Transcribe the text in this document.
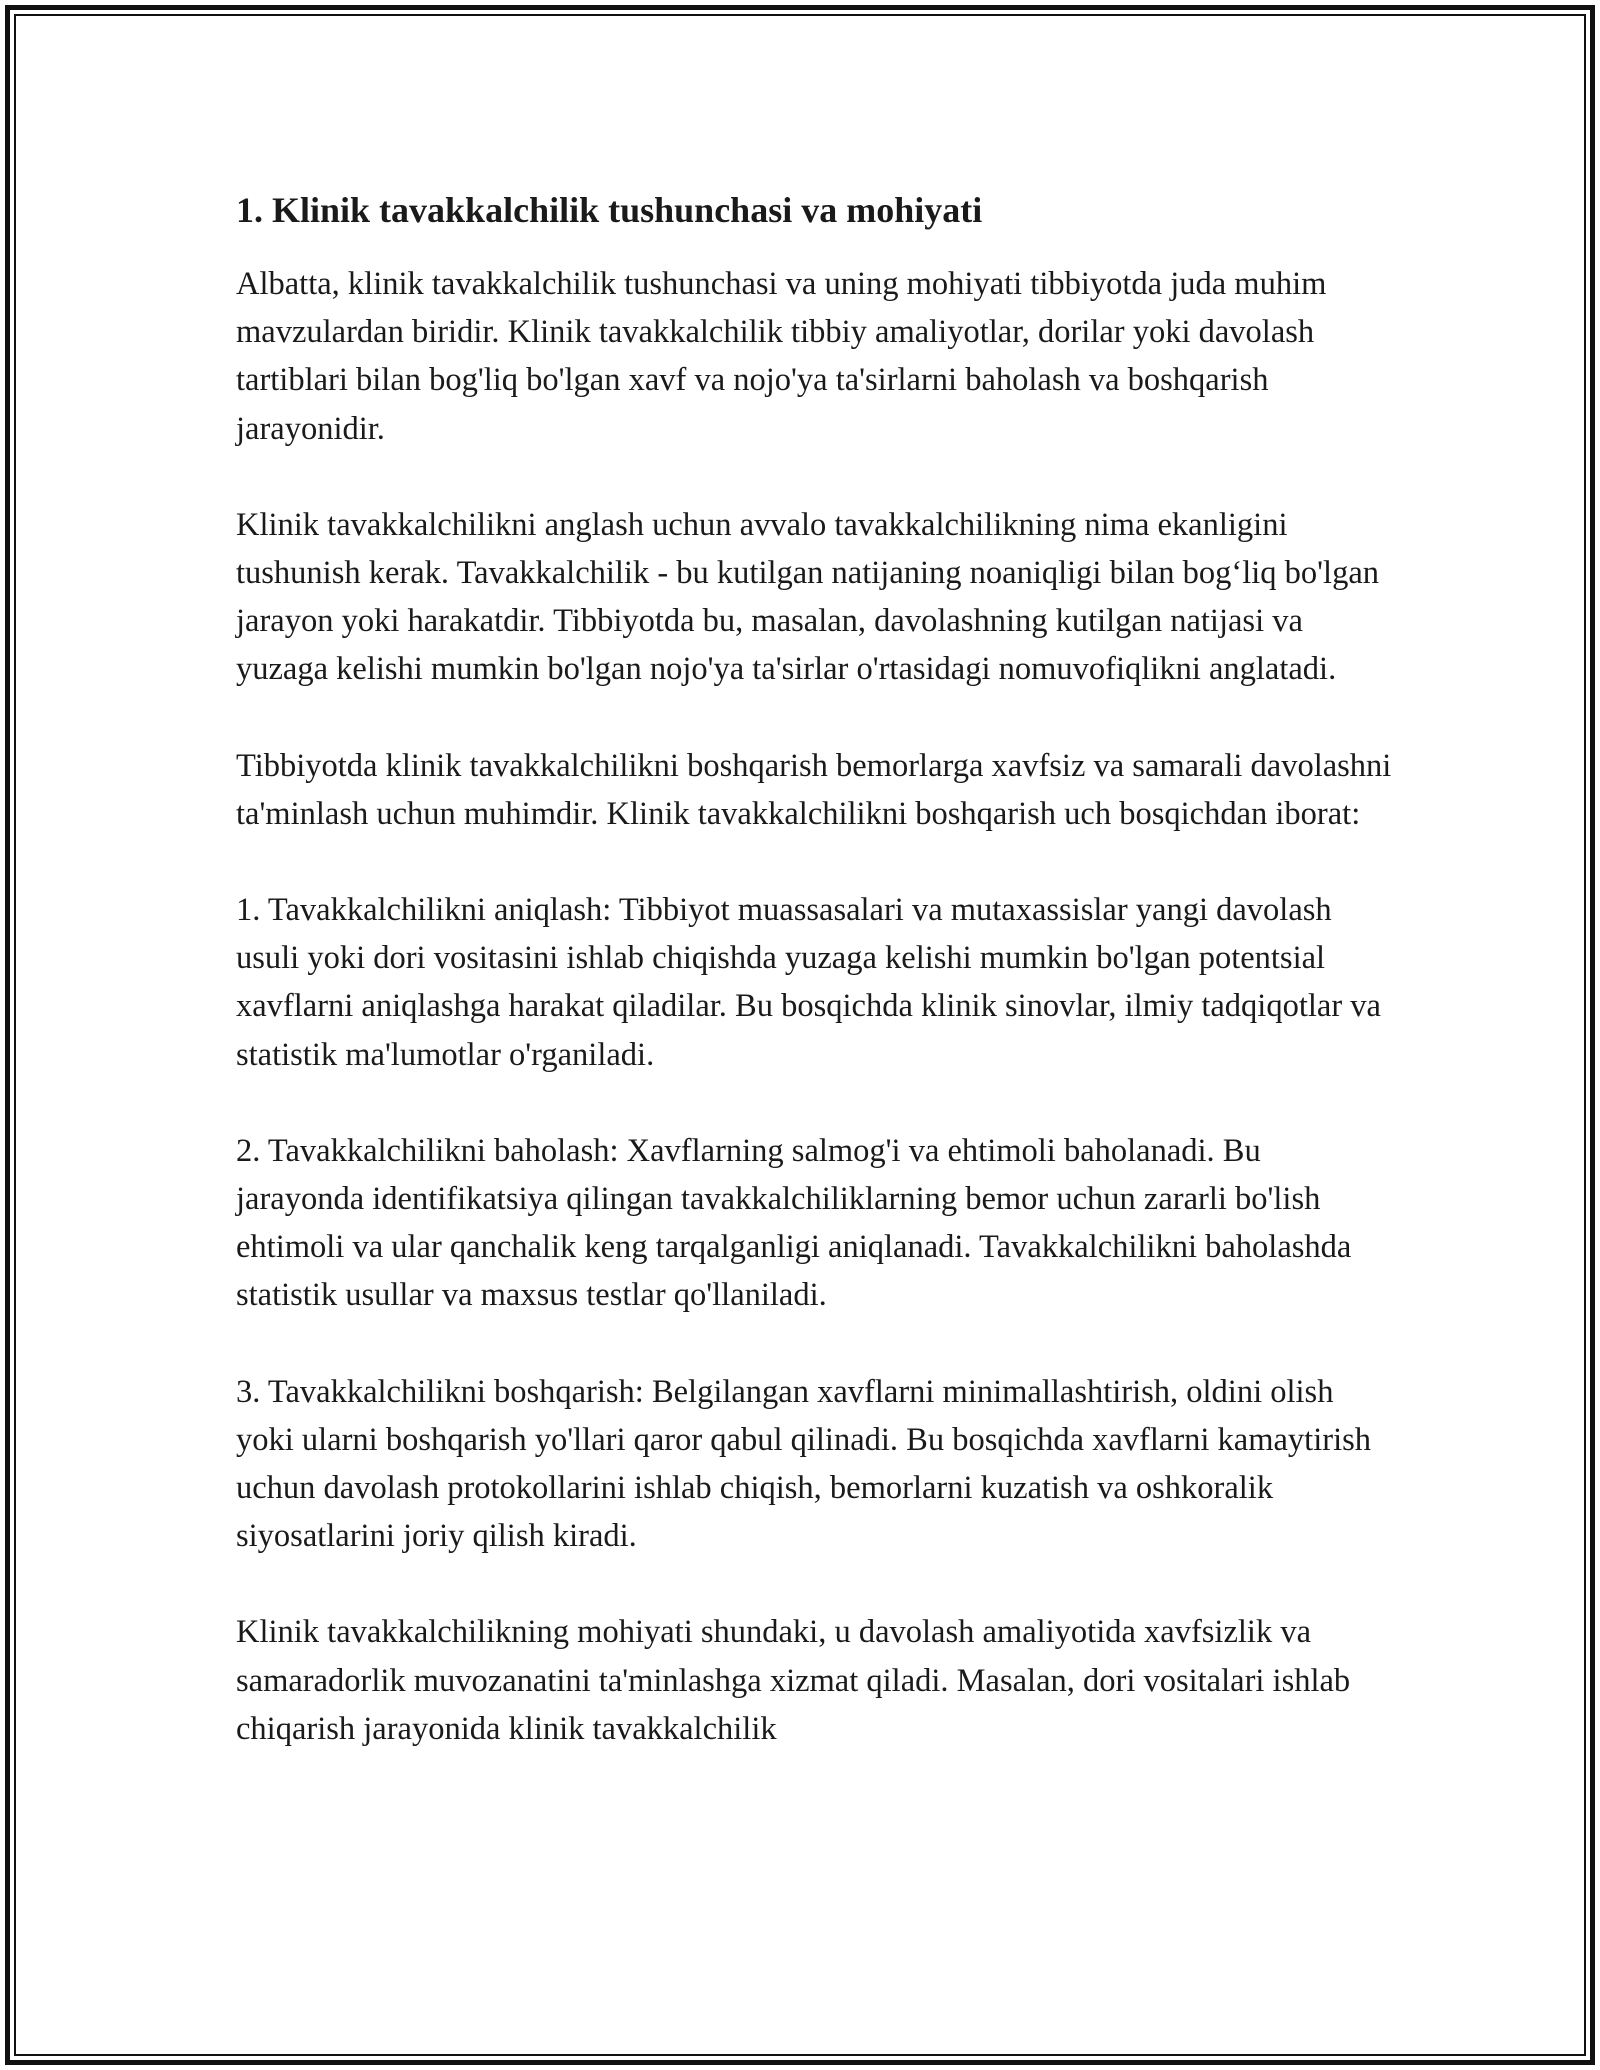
1. Klinik tavakkalchilik tushunchasi va mohiyati

Albatta, klinik tavakkalchilik tushunchasi va uning mohiyati tibbiyotda juda muhim mavzulardan biridir. Klinik tavakkalchilik tibbiy amaliyotlar, dorilar yoki davolash tartiblari bilan bog'liq bo'lgan xavf va nojo'ya ta'sirlarni baholash va boshqarish jarayonidir.

Klinik tavakkalchilikni anglash uchun avvalo tavakkalchilikning nima ekanligini tushunish kerak. Tavakkalchilik - bu kutilgan natijaning noaniqligi bilan bog‘liq bo'lgan jarayon yoki harakatdir. Tibbiyotda bu, masalan, davolashning kutilgan natijasi va yuzaga kelishi mumkin bo'lgan nojo'ya ta'sirlar o'rtasidagi nomuvofiqlikni anglatadi.

Tibbiyotda klinik tavakkalchilikni boshqarish bemorlarga xavfsiz va samarali davolashni ta'minlash uchun muhimdir. Klinik tavakkalchilikni boshqarish uch bosqichdan iborat:

1. Tavakkalchilikni aniqlash: Tibbiyot muassasalari va mutaxassislar yangi davolash usuli yoki dori vositasini ishlab chiqishda yuzaga kelishi mumkin bo'lgan potentsial xavflarni aniqlashga harakat qiladilar. Bu bosqichda klinik sinovlar, ilmiy tadqiqotlar va statistik ma'lumotlar o'rganiladi.

2. Tavakkalchilikni baholash: Xavflarning salmog'i va ehtimoli baholanadi. Bu jarayonda identifikatsiya qilingan tavakkalchiliklarning bemor uchun zararli bo'lish ehtimoli va ular qanchalik keng tarqalganligi aniqlanadi. Tavakkalchilikni baholashda statistik usullar va maxsus testlar qo'llaniladi.

3. Tavakkalchilikni boshqarish: Belgilangan xavflarni minimallashtirish, oldini olish yoki ularni boshqarish yo'llari qaror qabul qilinadi. Bu bosqichda xavflarni kamaytirish uchun davolash protokollarini ishlab chiqish, bemorlarni kuzatish va oshkoralik siyosatlarini joriy qilish kiradi.

Klinik tavakkalchilikning mohiyati shundaki, u davolash amaliyotida xavfsizlik va samaradorlik muvozanatini ta'minlashga xizmat qiladi. Masalan, dori vositalari ishlab chiqarish jarayonida klinik tavakkalchilik
